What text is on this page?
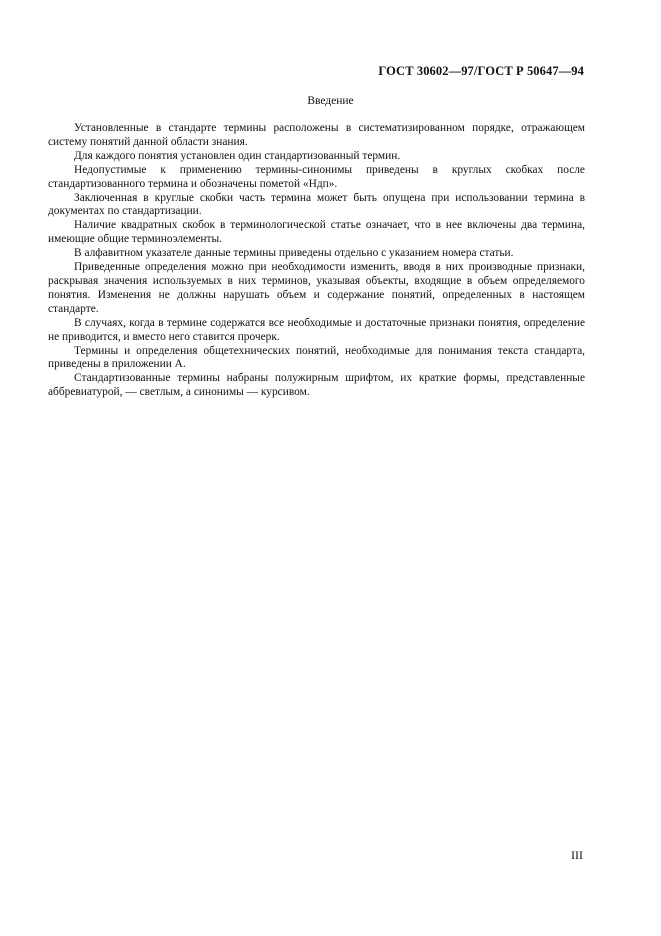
ГОСТ 30602—97/ГОСТ Р 50647—94
Введение

Установленные в стандарте термины расположены в систематизированном порядке, отражающем систему понятий данной области знания.

Для каждого понятия установлен один стандартизованный термин.

Недопустимые к применению термины-синонимы приведены в круглых скобках после стандартизованного термина и обозначены пометой «Ндп».

Заключенная в круглые скобки часть термина может быть опущена при использовании термина в документах по стандартизации.

Наличие квадратных скобок в терминологической статье означает, что в нее включены два термина, имеющие общие терминоэлементы.

В алфавитном указателе данные термины приведены отдельно с указанием номера статьи.

Приведенные определения можно при необходимости изменить, вводя в них производные признаки, раскрывая значения используемых в них терминов, указывая объекты, входящие в объем определяемого понятия. Изменения не должны нарушать объем и содержание понятий, определенных в настоящем стандарте.

В случаях, когда в термине содержатся все необходимые и достаточные признаки понятия, определение не приводится, и вместо него ставится прочерк.

Термины и определения общетехнических понятий, необходимые для понимания текста стандарта, приведены в приложении А.

Стандартизованные термины набраны полужирным шрифтом, их краткие формы, представленные аббревиатурой, — светлым, а синонимы — курсивом.

III
